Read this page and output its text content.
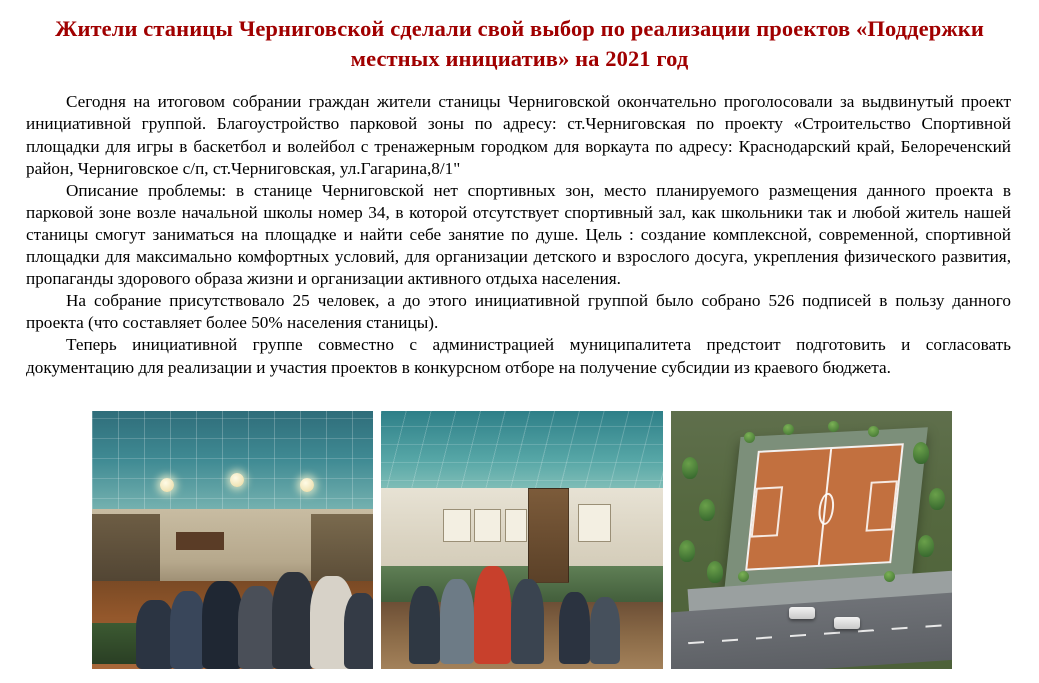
Жители станицы Черниговской сделали свой выбор по реализации проектов «Поддержки местных инициатив» на 2021 год

Сегодня на итоговом собрании граждан жители станицы Черниговской окончательно проголосовали за выдвинутый проект инициативной группой. Благоустройство парковой зоны по адресу: ст.Черниговская по проекту «Строительство Спортивной площадки для игры в баскетбол и волейбол с тренажерным городком для воркаута по адресу: Краснодарский край, Белореченский район, Черниговское с/п, ст.Черниговская, ул.Гагарина,8/1"

Описание проблемы: в станице Черниговской нет спортивных зон, место планируемого размещения данного проекта в парковой зоне возле начальной школы номер 34, в которой отсутствует спортивный зал, как школьники так и любой житель нашей станицы смогут заниматься на площадке и найти себе занятие по душе. Цель : создание комплексной, современной, спортивной площадки для максимально комфортных условий, для организации детского и взрослого досуга, укрепления физического развития, пропаганды здорового образа жизни и организации активного отдыха населения.

На собрание присутствовало 25 человек, а до этого инициативной группой было собрано 526 подписей в пользу данного проекта (что составляет более 50% населения станицы).

Теперь инициативной группе совместно с администрацией муниципалитета предстоит подготовить и согласовать документацию для реализации и участия проектов в конкурсном отборе на получение субсидии из краевого бюджета.
